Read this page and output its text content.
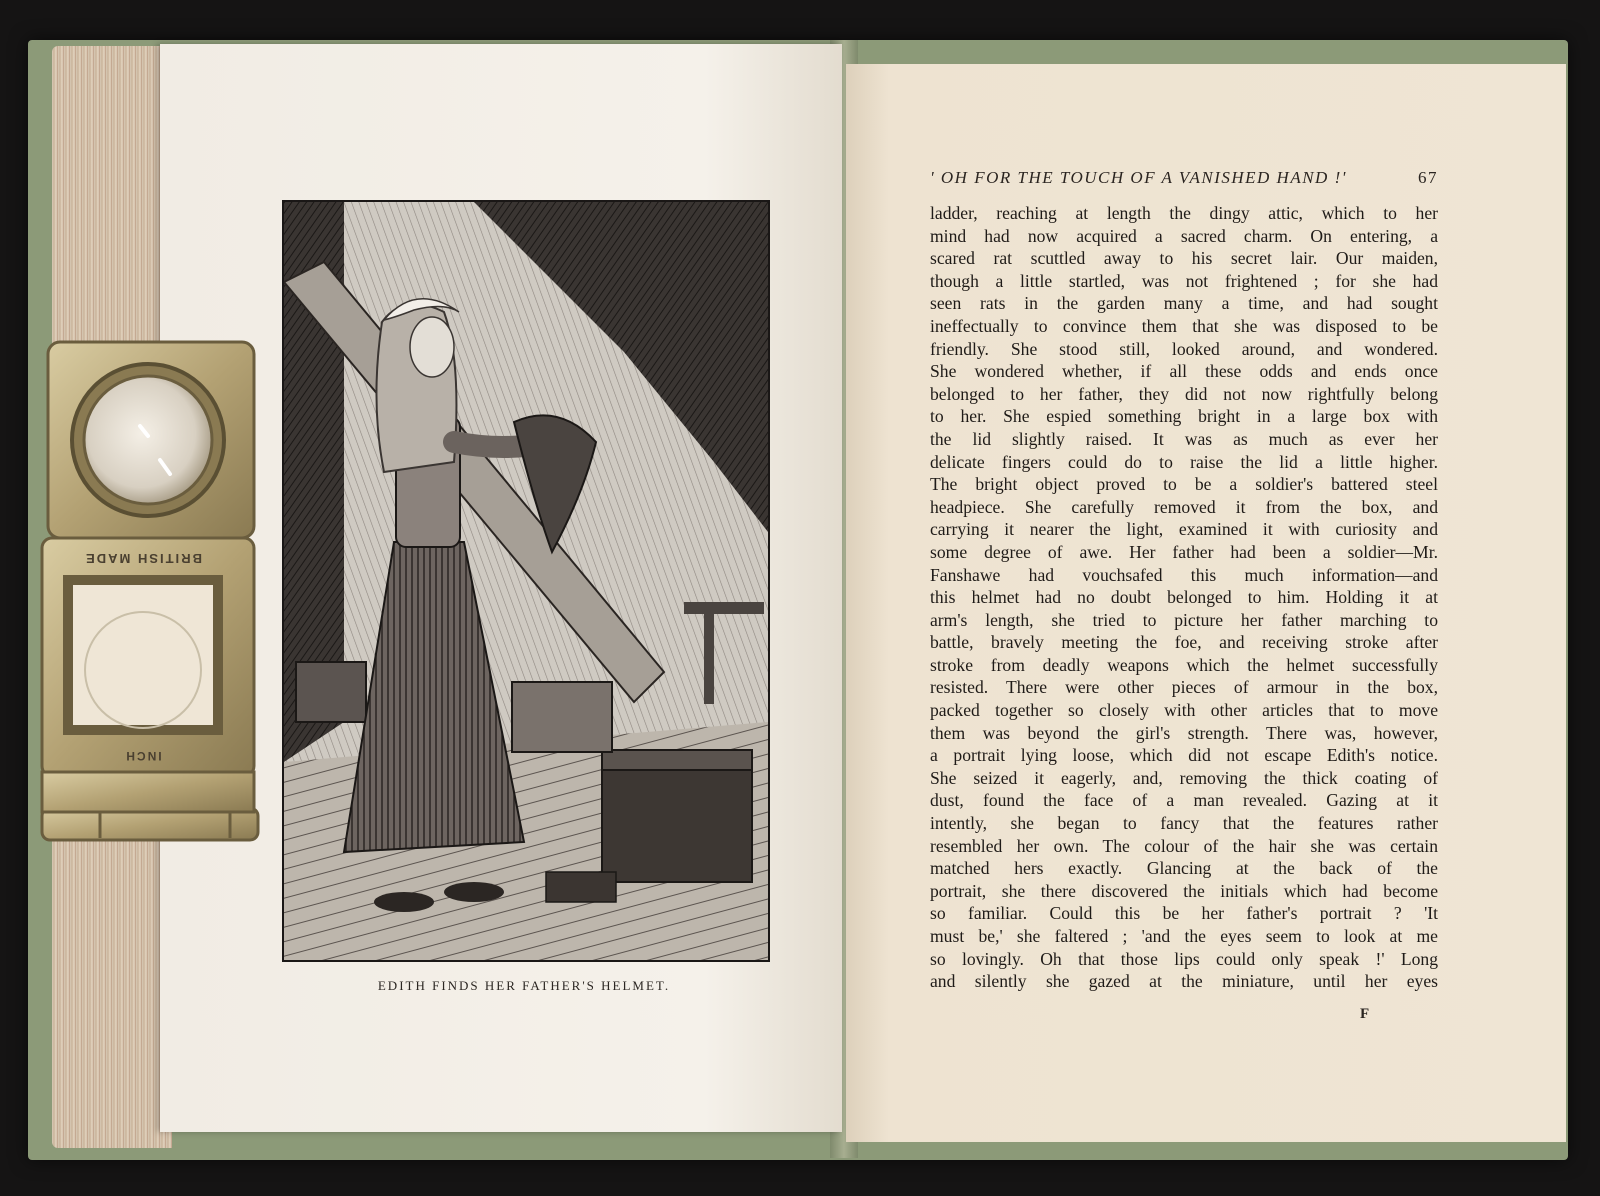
EDITH FINDS HER FATHER'S HELMET.
' OH FOR THE TOUCH OF A VANISHED HAND !'	67
ladder, reaching at length the dingy attic, which to her
mind had now acquired a sacred charm. On entering, a
scared rat scuttled away to his secret lair. Our maiden,
though a little startled, was not frightened ; for she had
seen rats in the garden many a time, and had sought
ineffectually to convince them that she was disposed to be
friendly. She stood still, looked around, and wondered.
She wondered whether, if all these odds and ends once
belonged to her father, they did not now rightfully belong
to her. She espied something bright in a large box with
the lid slightly raised. It was as much as ever her
delicate fingers could do to raise the lid a little higher.
The bright object proved to be a soldier's battered steel
headpiece. She carefully removed it from the box, and
carrying it nearer the light, examined it with curiosity and
some degree of awe. Her father had been a soldier—Mr.
Fanshawe had vouchsafed this much information—and
this helmet had no doubt belonged to him. Holding it at
arm's length, she tried to picture her father marching to
battle, bravely meeting the foe, and receiving stroke after
stroke from deadly weapons which the helmet successfully
resisted. There were other pieces of armour in the box,
packed together so closely with other articles that to move
them was beyond the girl's strength. There was, however,
a portrait lying loose, which did not escape Edith's notice.
She seized it eagerly, and, removing the thick coating of
dust, found the face of a man revealed. Gazing at it
intently, she began to fancy that the features rather
resembled her own. The colour of the hair she was certain
matched hers exactly. Glancing at the back of the
portrait, she there discovered the initials which had become
so familiar. Could this be her father's portrait ? 'It
must be,' she faltered ; 'and the eyes seem to look at me
so lovingly. Oh that those lips could only speak !' Long
and silently she gazed at the miniature, until her eyes
F
BRITISH MADE
INCH
